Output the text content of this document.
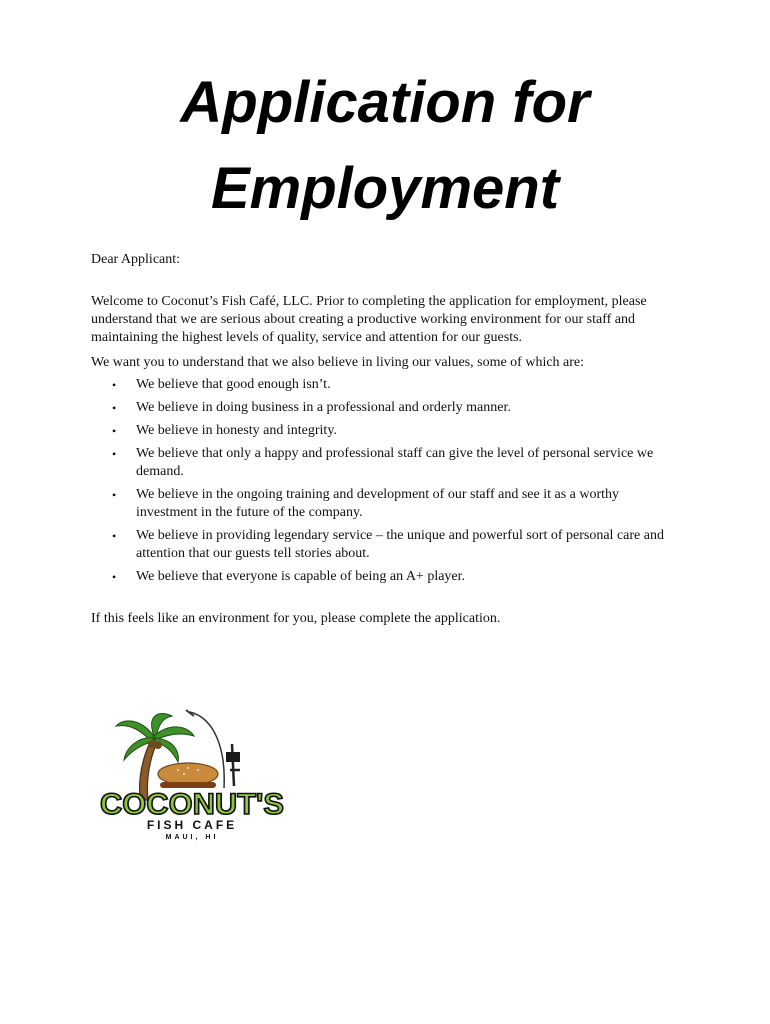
Application for
Employment

Dear Applicant:

Welcome to Coconut’s Fish Café, LLC. Prior to completing the application for employment, please understand that we are serious about creating a productive working environment for our staff and maintaining the highest levels of quality, service and attention for our guests.

We want you to understand that we also believe in living our values, some of which are:

• We believe that good enough isn’t.
• We believe in doing business in a professional and orderly manner.
• We believe in honesty and integrity.
• We believe that only a happy and professional staff can give the level of personal service we demand.
• We believe in the ongoing training and development of our staff and see it as a worthy investment in the future of the company.
• We believe in providing legendary service – the unique and powerful sort of personal care and attention that our guests tell stories about.
• We believe that everyone is capable of being an A+ player.

If this feels like an environment for you, please complete the application.

COCONUT'S
FISH CAFE
MAUI, HI
